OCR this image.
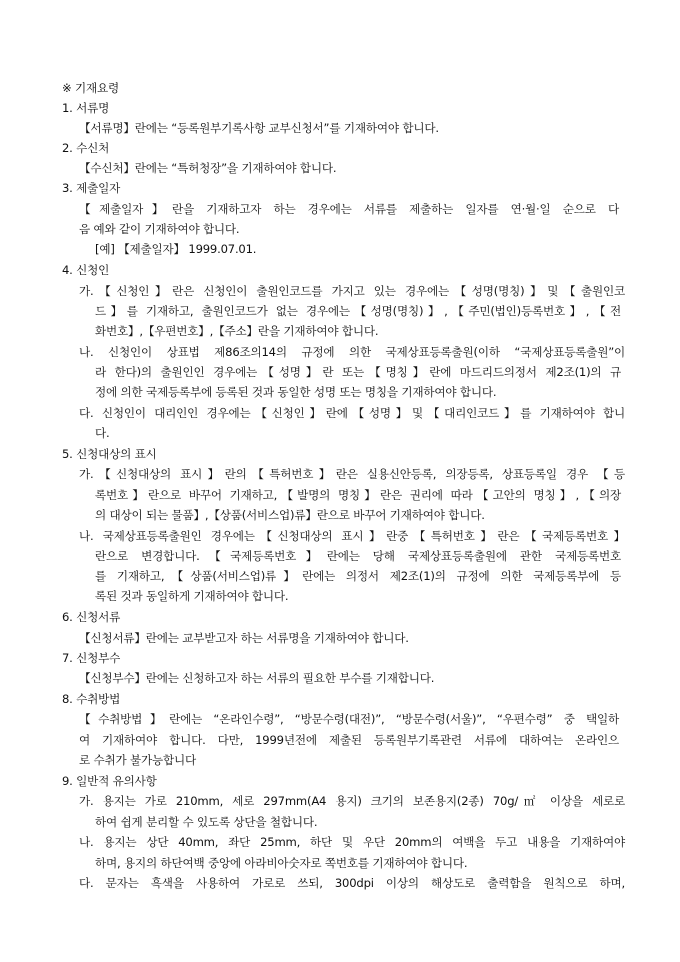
※ 기재요령
1. 서류명
【서류명】란에는 “등록원부기록사항 교부신청서”를 기재하여야 합니다.
2. 수신처
【수신처】란에는 “특허청장”을 기재하여야 합니다.
3. 제출일자
【제출일자】란을 기재하고자 하는 경우에는 서류를 제출하는 일자를 연·월·일 순으로 다
음 예와 같이 기재하여야 합니다.
[예] 【제출일자】 1999.07.01.
4. 신청인
가.【신청인】란은 신청인이 출원인코드를 가지고 있는 경우에는【성명(명칭)】및【출원인코
드】를 기재하고, 출원인코드가 없는 경우에는【성명(명칭)】,【주민(법인)등록번호】,【전
화번호】,【우편번호】,【주소】란을 기재하여야 합니다.
나. 신청인이 상표법 제86조의14의 규정에 의한 국제상표등록출원(이하 “국제상표등록출원”이
라 한다)의 출원인인 경우에는【성명】란 또는【명칭】란에 마드리드의정서 제2조(1)의 규
정에 의한 국제등록부에 등록된 것과 동일한 성명 또는 명칭을 기재하여야 합니다.
다. 신청인이 대리인인 경우에는【신청인】란에【성명】및【대리인코드】를 기재하여야 합니
다.
5. 신청대상의 표시
가.【신청대상의 표시】란의【특허번호】란은 실용신안등록, 의장등록, 상표등록일 경우 【등
록번호】란으로 바꾸어 기재하고,【발명의 명칭】란은 권리에 따라【고안의 명칭】,【의장
의 대상이 되는 물품】,【상품(서비스업)류】란으로 바꾸어 기재하여야 합니다.
나. 국제상표등록출원인 경우에는【신청대상의 표시】란중【특허번호】란은【국제등록번호】
란으로 변경합니다.【국제등록번호】란에는 당해 국제상표등록출원에 관한 국제등록번호
를 기재하고,【상품(서비스업)류】란에는 의정서 제2조(1)의 규정에 의한 국제등록부에 등
록된 것과 동일하게 기재하여야 합니다.
6. 신청서류
【신청서류】란에는 교부받고자 하는 서류명을 기재하여야 합니다.
7. 신청부수
【신청부수】란에는 신청하고자 하는 서류의 필요한 부수를 기재합니다.
8. 수취방법
【수취방법】란에는 “온라인수령”, “방문수령(대전)”, “방문수령(서울)”, “우편수령” 중 택일하
여 기재하여야 합니다. 다만, 1999년전에 제출된 등록원부기록관련 서류에 대하여는 온라인으
로 수취가 불가능합니다
9. 일반적 유의사항
가. 용지는 가로 210mm, 세로 297mm(A4 용지) 크기의 보존용지(2종) 70g/㎡ 이상을 세로로
하여 쉽게 분리할 수 있도록 상단을 철합니다.
나. 용지는 상단 40mm, 좌단 25mm, 하단 및 우단 20mm의 여백을 두고 내용을 기재하여야
하며, 용지의 하단여백 중앙에 아라비아숫자로 쪽번호를 기재하여야 합니다.
다. 문자는 흑색을 사용하여 가로로 쓰되, 300dpi 이상의 해상도로 출력함을 원칙으로 하며,
